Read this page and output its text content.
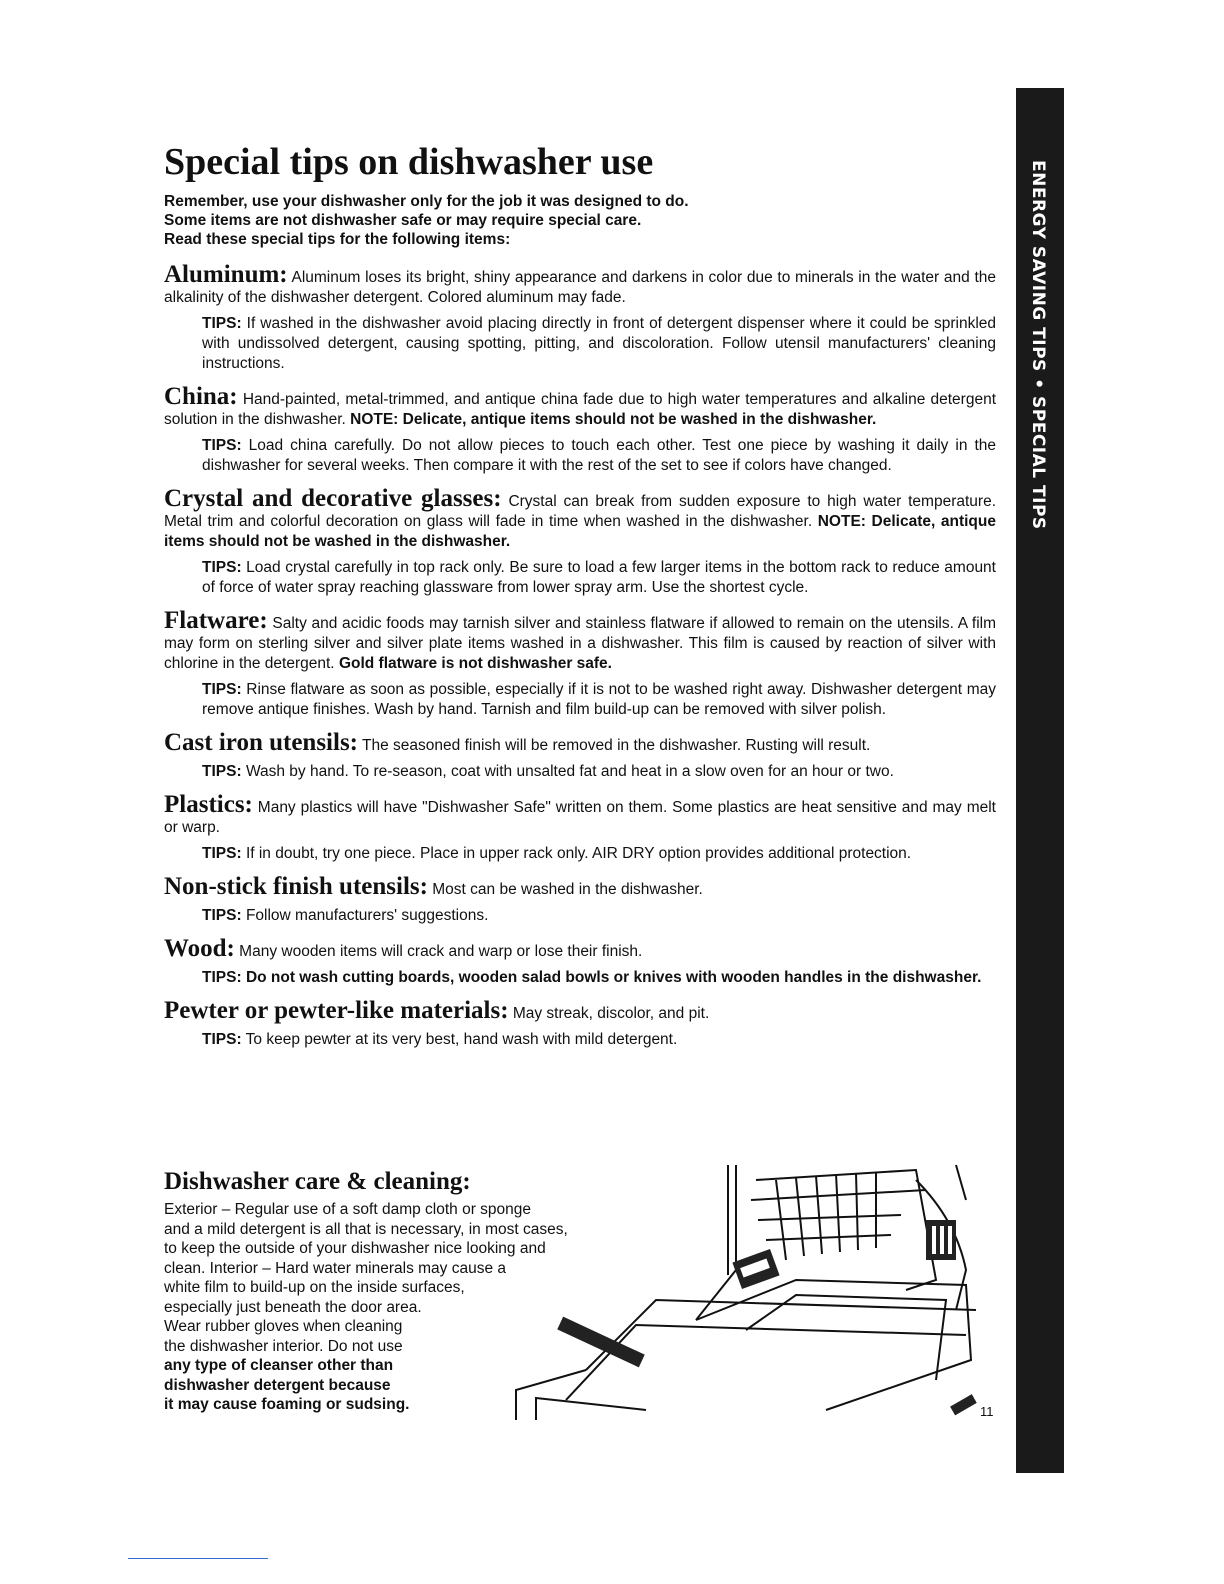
ENERGY SAVING TIPS • SPECIAL TIPS
Special tips on dishwasher use
Remember, use your dishwasher only for the job it was designed to do.
Some items are not dishwasher safe or may require special care.
Read these special tips for the following items:

Aluminum: Aluminum loses its bright, shiny appearance and darkens in color due to minerals in the water and the alkalinity of the dishwasher detergent. Colored aluminum may fade.

TIPS: If washed in the dishwasher avoid placing directly in front of detergent dispenser where it could be sprinkled with undissolved detergent, causing spotting, pitting, and discoloration. Follow utensil manufacturers' cleaning instructions.

China: Hand-painted, metal-trimmed, and antique china fade due to high water temperatures and alkaline detergent solution in the dishwasher. NOTE: Delicate, antique items should not be washed in the dishwasher.

TIPS: Load china carefully. Do not allow pieces to touch each other. Test one piece by washing it daily in the dishwasher for several weeks. Then compare it with the rest of the set to see if colors have changed.

Crystal and decorative glasses: Crystal can break from sudden exposure to high water temperature. Metal trim and colorful decoration on glass will fade in time when washed in the dishwasher. NOTE: Delicate, antique items should not be washed in the dishwasher.

TIPS: Load crystal carefully in top rack only. Be sure to load a few larger items in the bottom rack to reduce amount of force of water spray reaching glassware from lower spray arm. Use the shortest cycle.

Flatware: Salty and acidic foods may tarnish silver and stainless flatware if allowed to remain on the utensils. A film may form on sterling silver and silver plate items washed in a dishwasher. This film is caused by reaction of silver with chlorine in the detergent. Gold flatware is not dishwasher safe.

TIPS: Rinse flatware as soon as possible, especially if it is not to be washed right away. Dishwasher detergent may remove antique finishes. Wash by hand. Tarnish and film build-up can be removed with silver polish.

Cast iron utensils: The seasoned finish will be removed in the dishwasher. Rusting will result.

TIPS: Wash by hand. To re-season, coat with unsalted fat and heat in a slow oven for an hour or two.

Plastics: Many plastics will have "Dishwasher Safe" written on them. Some plastics are heat sensitive and may melt or warp.

TIPS: If in doubt, try one piece. Place in upper rack only. AIR DRY option provides additional protection.

Non-stick finish utensils: Most can be washed in the dishwasher.

TIPS: Follow manufacturers' suggestions.

Wood: Many wooden items will crack and warp or lose their finish.

TIPS: Do not wash cutting boards, wooden salad bowls or knives with wooden handles in the dishwasher.

Pewter or pewter-like materials: May streak, discolor, and pit.

TIPS: To keep pewter at its very best, hand wash with mild detergent.

Dishwasher care & cleaning:
Exterior – Regular use of a soft damp cloth or sponge
and a mild detergent is all that is necessary, in most cases,
to keep the outside of your dishwasher nice looking and
clean. Interior – Hard water minerals may cause a
white film to build-up on the inside surfaces,
especially just beneath the door area.
Wear rubber gloves when cleaning
the dishwasher interior. Do not use
any type of cleanser other than
dishwasher detergent because
it may cause foaming or sudsing.	11
